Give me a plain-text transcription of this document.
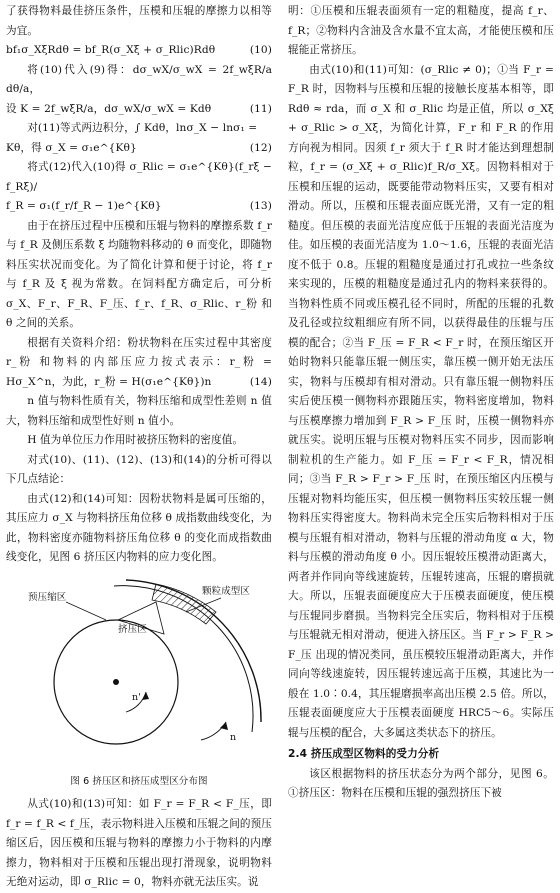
了获得物料最佳挤压条件，压模和压辊的摩擦力以相等为宜。

bf₁σ_XξRdθ = bf_R(σ_Xξ + σ_Rlic)Rdθ	(10)

将(10)代入(9)得：dσ_wX/σ_wX = 2f_wξR/a dθ/a，

设 K = 2f_wξR/a，dσ_wX/σ_wX = Kdθ	(11)

对(11)等式两边积分，∫ Kdθ，lnσ_X − lnσ₁ =

Kθ，得 σ_X = σ₁e^{Kθ}	(12)

将式(12)代入(10)得 σ_Rlic = σ₁e^{Kθ}(f_rξ − f_Rξ)/

f_R = σ₁(f_r/f_R − 1)e^{Kθ}	(13)

由于在挤压过程中压模和压辊与物料的摩擦系数 f_r 与 f_R 及侧压系数 ξ 均随物料移动的 θ 而变化，即随物料压实状况而变化。为了简化计算和便于讨论，将 f_r 与 f_R 及 ξ 视为常数。在饲料配方确定后，可分析 σ_X、F_r、F_R、F_压、f_r、f_R、σ_Rlic、r_粉 和 θ 之间的关系。

根据有关资料介绍：粉状物料在压实过程中其密度 r_粉 和物料的内部压应力按式表示：r_粉 = Hσ_X^n，为此，r_粉 = H(σ₁e^{Kθ})n	(14)

n 值与物料性质有关，物料压缩和成型性差则 n 值大，物料压缩和成型性好则 n 值小。

H 值为单位压力作用时被挤压物料的密度值。

对式(10)、(11)、(12)、(13)和(14)的分析可得以下几点结论：

由式(12)和(14)可知：因粉状物料是属可压缩的，其压应力 σ_X 与物料挤压角位移 θ 成指数曲线变化，为此，物料密度亦随物料挤压角位移 θ 的变化而成指数曲线变化，见图 6 挤压区内物料的应力变化图。

预压缩区
颗粒成型区
挤压区
n'
n

图 6 挤压区和挤压成型区分布图

从式(10)和(13)可知：如 F_r = F_R < F_压，即 f_r = f_R < f_压，表示物料进入压模和压辊之间的预压缩区后，因压模和压辊与物料的摩擦力小于物料的内摩擦力，物料相对于压模和压辊出现打滑现象，说明物料无绝对运动，即 σ_Rlic = 0，物料亦就无法压实。说

明：①压模和压辊表面须有一定的粗糙度，提高 f_r、f_R；②物料内含油及含水量不宜太高，才能使压模和压辊能正常挤压。

由式(10)和(11)可知：(σ_Rlic ≠ 0)；①当 F_r = F_R 时，因物料与压模和压辊的接触长度基本相等，即 Rdθ ≈ rda，而 σ_X 和 σ_Rlic 均是正值，所以 σ_Xξ + σ_Rlic > σ_Xξ，为简化计算，F_r 和 F_R 的作用方向视为相同。因须 f_r 须大于 f_R 时才能达到理想制粒，f_r = (σ_Xξ + σ_Rlic)f_R/σ_Xξ。因物料相对于压模和压辊的运动，既要能带动物料压实，又要有相对滑动。所以，压模和压辊表面应既光滑，又有一定的粗糙度。但压模的表面光洁度应低于压辊的表面光洁度为佳。如压模的表面光洁度为 1.0～1.6，压辊的表面光洁度不低于 0.8。压辊的粗糙度是通过打孔或拉一些条纹来实现的，压模的粗糙度是通过孔内的物料来获得的。当物料性质不同或压模孔径不同时，所配的压辊的孔数及孔径或拉纹粗细应有所不同，以获得最佳的压辊与压模的配合；②当 F_压 = F_R < F_r 时，在预压缩区开始时物料只能靠压辊一侧压实，靠压模一侧开始无法压实，物料与压模却有相对滑动。只有靠压辊一侧物料压实后使压模一侧物料亦跟随压实，物料密度增加，物料与压模摩擦力增加到 F_R > F_压 时，压模一侧物料亦就压实。说明压辊与压模对物料压实不同步，因而影响制粒机的生产能力。如 F_压 = F_r < F_R，情况相同；③当 F_R > F_r > F_压 时，在预压缩区内压模与压辊对物料均能压实，但压模一侧物料压实较压辊一侧物料压实得密度大。物料尚未完全压实后物料相对于压模与压辊有相对滑动，物料与压辊的滑动角度 α 大，物料与压模的滑动角度 θ 小。因压辊较压模滑动距离大，两者并作同向等线速旋转，压辊转速高，压辊的磨损就大。所以，压辊表面硬度应大于压模表面硬度，使压模与压辊同步磨损。当物料完全压实后，物料相对于压模与压辊就无相对滑动，便进入挤压区。当 F_r > F_R > F_压 出现的情况类同，虽压模较压辊滑动距离大，并作同向等线速旋转，因压辊转速远高于压模，其速比为一般在 1.0∶0.4，其压辊磨损率高出压模 2.5 倍。所以，压辊表面硬度应大于压模表面硬度 HRC5～6。实际压辊与压模的配合，大多属这类状态下的挤压。

2.4 挤压成型区物料的受力分析

该区根据物料的挤压状态分为两个部分，见图 6。①挤压区：物料在压模和压辊的强烈挤压下被
